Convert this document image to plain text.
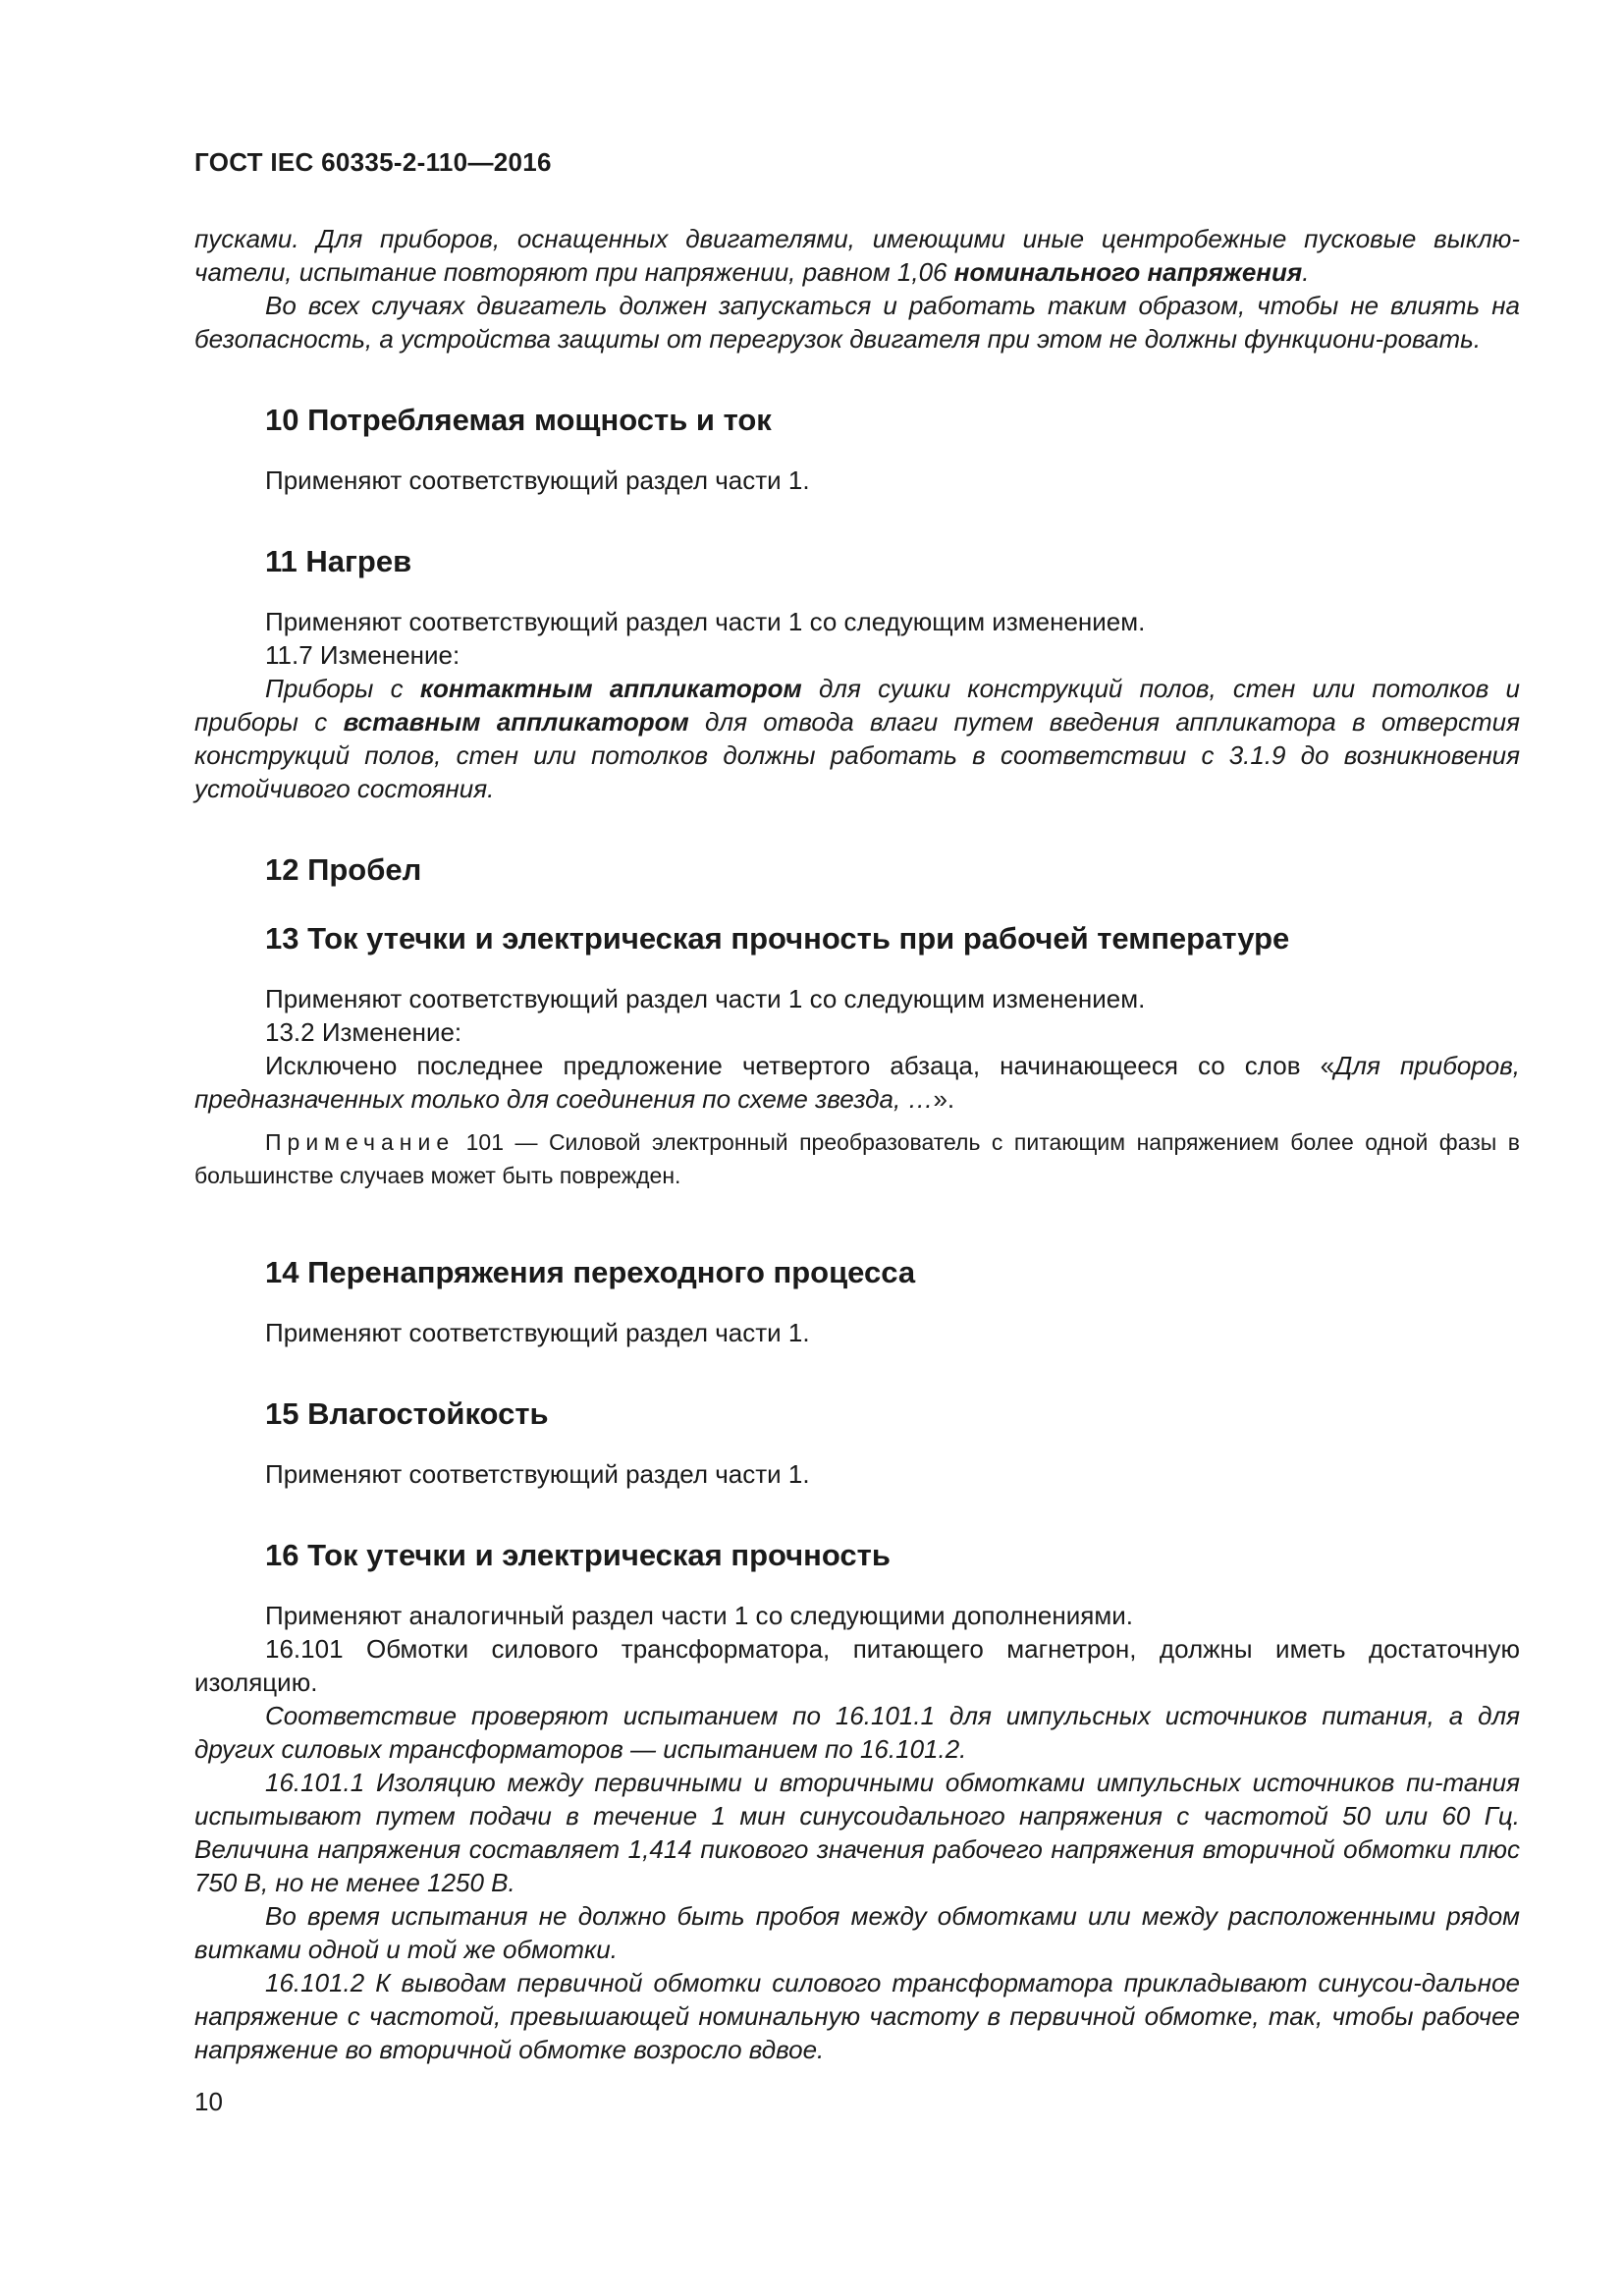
ГОСТ IEC 60335-2-110—2016

пусками. Для приборов, оснащенных двигателями, имеющими иные центробежные пусковые выклю-чатели, испытание повторяют при напряжении, равном 1,06 номинального напряжения.

Во всех случаях двигатель должен запускаться и работать таким образом, чтобы не влиять на безопасность, а устройства защиты от перегрузок двигателя при этом не должны функциони-ровать.

10 Потребляемая мощность и ток

Применяют соответствующий раздел части 1.

11 Нагрев

Применяют соответствующий раздел части 1 со следующим изменением.

11.7 Изменение:

Приборы с контактным аппликатором для сушки конструкций полов, стен или потолков и приборы с вставным аппликатором для отвода влаги путем введения аппликатора в отверстия конструкций полов, стен или потолков должны работать в соответствии с 3.1.9 до возникновения устойчивого состояния.

12 Пробел
13 Ток утечки и электрическая прочность при рабочей температуре

Применяют соответствующий раздел части 1 со следующим изменением.

13.2 Изменение:

Исключено последнее предложение четвертого абзаца, начинающееся со слов «Для приборов, предназначенных только для соединения по схеме звезда, …».

Примечание 101 — Силовой электронный преобразователь с питающим напряжением более одной фазы в большинстве случаев может быть поврежден.

14 Перенапряжения переходного процесса

Применяют соответствующий раздел части 1.

15 Влагостойкость

Применяют соответствующий раздел части 1.

16 Ток утечки и электрическая прочность

Применяют аналогичный раздел части 1 со следующими дополнениями.

16.101 Обмотки силового трансформатора, питающего магнетрон, должны иметь достаточную изоляцию.

Соответствие проверяют испытанием по 16.101.1 для импульсных источников питания, а для других силовых трансформаторов — испытанием по 16.101.2.

16.101.1 Изоляцию между первичными и вторичными обмотками импульсных источников пи-тания испытывают путем подачи в течение 1 мин синусоидального напряжения с частотой 50 или 60 Гц. Величина напряжения составляет 1,414 пикового значения рабочего напряжения вторичной обмотки плюс 750 В, но не менее 1250 В.

Во время испытания не должно быть пробоя между обмотками или между расположенными рядом витками одной и той же обмотки.

16.101.2 К выводам первичной обмотки силового трансформатора прикладывают синусои-дальное напряжение с частотой, превышающей номинальную частоту в первичной обмотке, так, чтобы рабочее напряжение во вторичной обмотке возросло вдвое.

10
